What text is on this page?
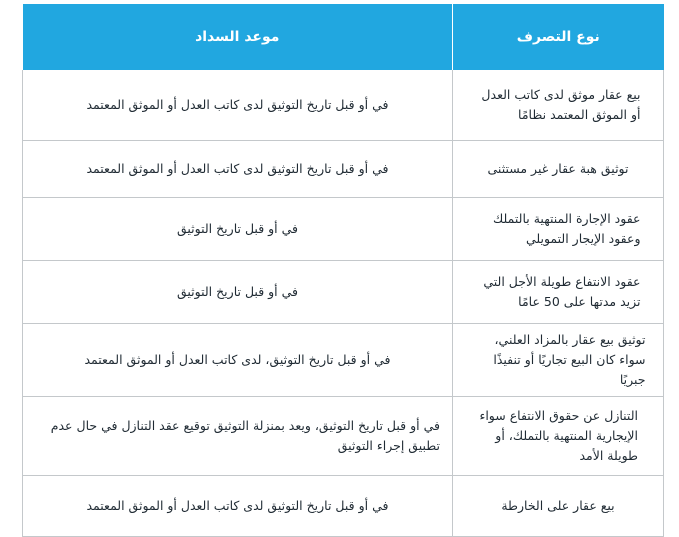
نوع التصرف	موعد السداد
بيع عقار موثق لدى كاتب العدل أو الموثق المعتمد نظامًا	في أو قبل تاريخ التوثيق لدى كاتب العدل أو الموثق المعتمد
توثيق هبة عقار غير مستثنى	في أو قبل تاريخ التوثيق لدى كاتب العدل أو الموثق المعتمد
عقود الإجارة المنتهية بالتملك وعقود الإيجار التمويلي	في أو قبل تاريخ التوثيق
عقود الانتفاع طويلة الأجل التي تزيد مدتها على 50 عامًا	في أو قبل تاريخ التوثيق
توثيق بيع عقار بالمزاد العلني، سواء كان البيع تجاريًا أو تنفيذًا جبريًا	في أو قبل تاريخ التوثيق، لدى كاتب العدل أو الموثق المعتمد
التنازل عن حقوق الانتفاع سواء الإيجارية المنتهية بالتملك، أو طويلة الأمد	في أو قبل تاريخ التوثيق، ويعد بمنزلة التوثيق توقيع عقد التنازل في حال عدم تطبيق إجراء التوثيق
بيع عقار على الخارطة	في أو قبل تاريخ التوثيق لدى كاتب العدل أو الموثق المعتمد
